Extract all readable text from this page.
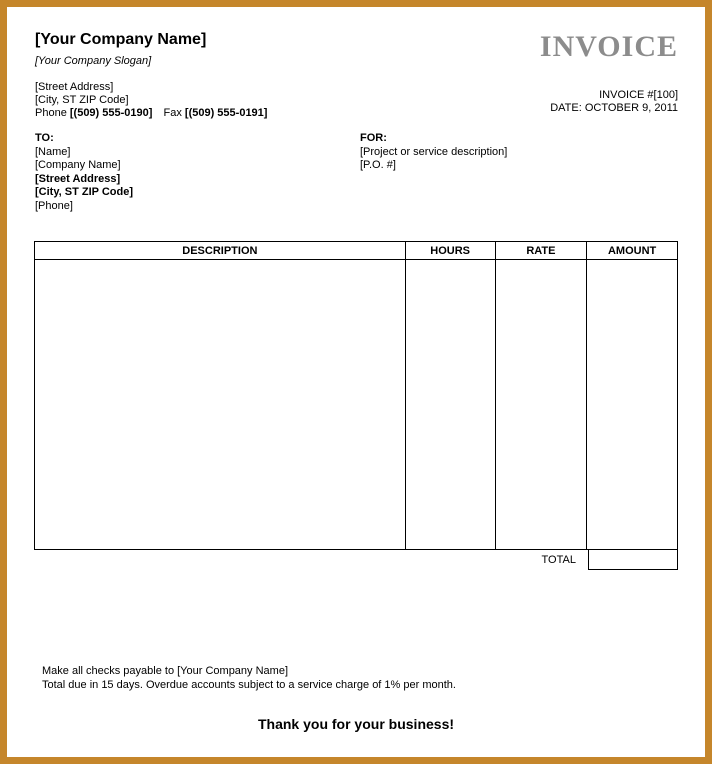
[Your Company Name]
[Your Company Slogan]
[Street Address]
[City, ST ZIP Code]
Phone [(509) 555-0190] Fax [(509) 555-0191]
INVOICE
INVOICE #[100]
DATE: OCTOBER 9, 2011
TO:
[Name]
[Company Name]
[Street Address]
[City, ST ZIP Code]
[Phone]
FOR:
[Project or service description]
[P.O. #]
DESCRIPTION	HOURS	RATE	AMOUNT
TOTAL
Make all checks payable to [Your Company Name]
Total due in 15 days. Overdue accounts subject to a service charge of 1% per month.
Thank you for your business!
